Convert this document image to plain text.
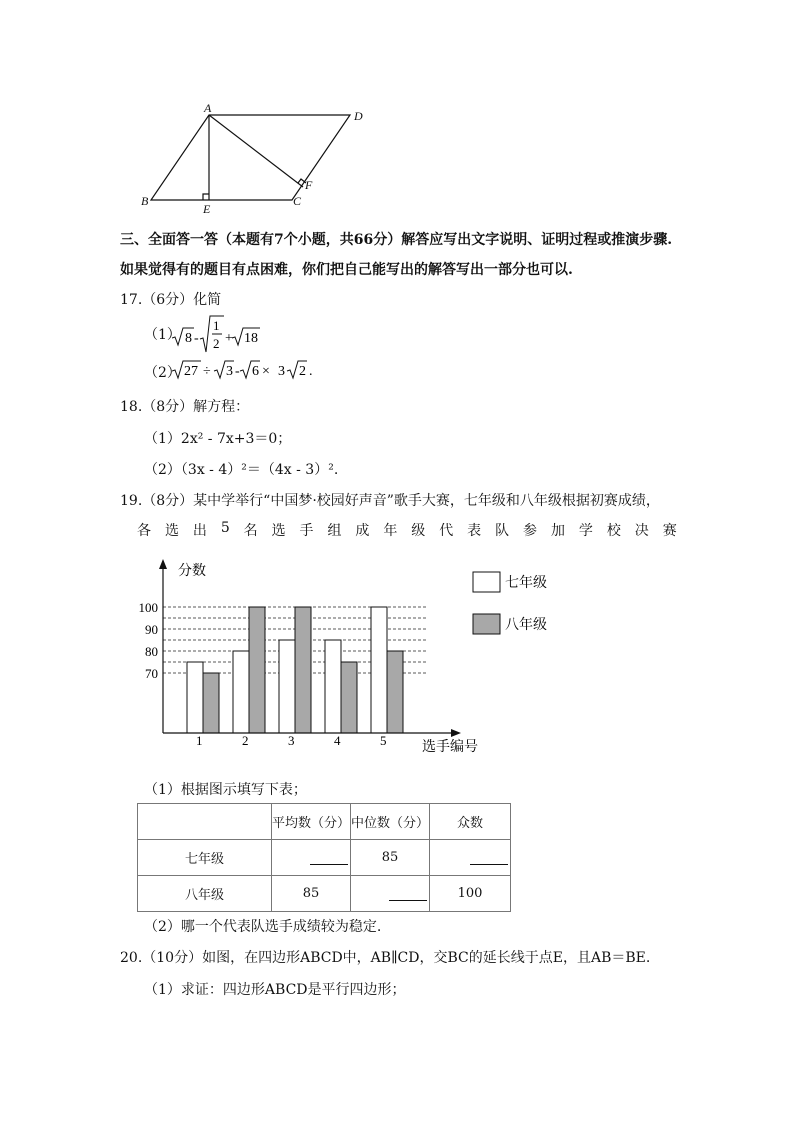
A
D
B
E
C
F
三、全面答一答（本题有7个小题，共66分）解答应写出文字说明、证明过程或推演步骤.
如果觉得有的题目有点困难，你们把自己能写出的解答写出一部分也可以.
17.（6分）化简
（1） 8 -
1
2 + 18
（2） 27 ÷ 3 - 6 × 3 2 .
18.（8分）解方程：
（1）2x² - 7x+3＝0；
（2）（3x - 4）²＝（4x - 3）².
19.（8分）某中学举行“中国梦·校园好声音”歌手大赛，七年级和八年级根据初赛成绩，
各 选 出 5 名 选 手 组 成 年 级 代 表 队 参 加 学 校 决 赛
分数
选手编号
70
80
90
100
1	2	3	4	5
七年级
八年级
（1）根据图示填写下表；
	平均数（分）	中位数（分）	众数
七年级		85	
八年级	85		100
（2）哪一个代表队选手成绩较为稳定.
20.（10分）如图，在四边形ABCD中，AB∥CD，交BC的延长线于点E，且AB＝BE.
（1）求证：四边形ABCD是平行四边形；
